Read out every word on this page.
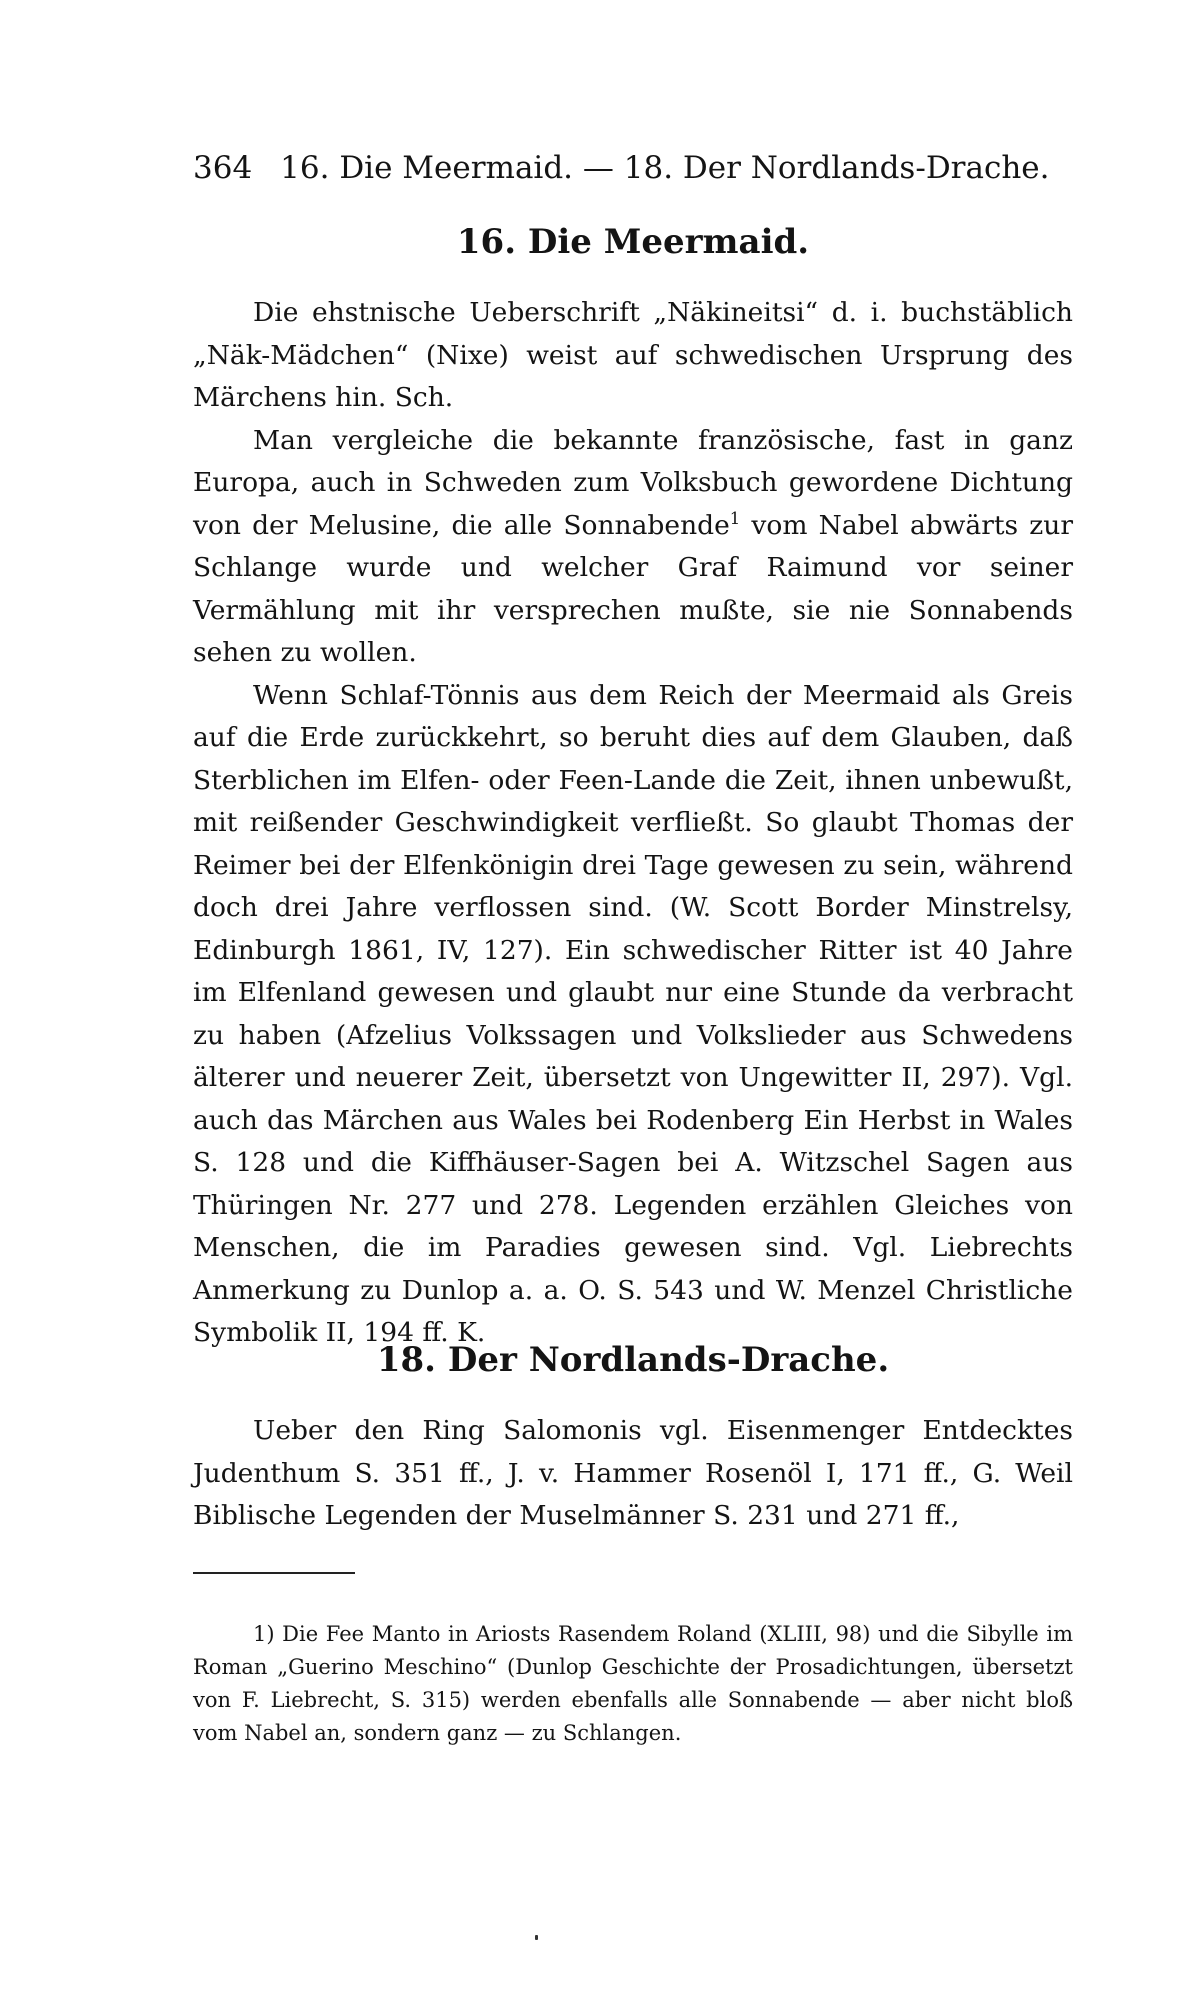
364 16. Die Meermaid. — 18. Der Nordlands-Drache.
16. Die Meermaid.

Die ehstnische Ueberschrift „Näkineitsi“ d. i. buchstäblich „Näk-Mädchen“ (Nixe) weist auf schwedischen Ursprung des Märchens hin. Sch.

Man vergleiche die bekannte französische, fast in ganz Europa, auch in Schweden zum Volksbuch gewordene Dichtung von der Melusine, die alle Sonnabende$^1$ vom Nabel abwärts zur Schlange wurde und welcher Graf Raimund vor seiner Vermählung mit ihr versprechen mußte, sie nie Sonnabends sehen zu wollen.

Wenn Schlaf-Tönnis aus dem Reich der Meermaid als Greis auf die Erde zurückkehrt, so beruht dies auf dem Glauben, daß Sterblichen im Elfen- oder Feen-Lande die Zeit, ihnen unbewußt, mit reißender Geschwindigkeit verfließt. So glaubt Thomas der Reimer bei der Elfenkönigin drei Tage gewesen zu sein, während doch drei Jahre verflossen sind. (W. Scott Border Minstrelsy, Edinburgh 1861, IV, 127). Ein schwedischer Ritter ist 40 Jahre im Elfenland gewesen und glaubt nur eine Stunde da verbracht zu haben (Afzelius Volkssagen und Volkslieder aus Schwedens älterer und neuerer Zeit, übersetzt von Ungewitter II, 297). Vgl. auch das Märchen aus Wales bei Rodenberg Ein Herbst in Wales S. 128 und die Kiffhäuser-Sagen bei A. Witzschel Sagen aus Thüringen Nr. 277 und 278. Legenden erzählen Gleiches von Menschen, die im Paradies gewesen sind. Vgl. Liebrechts Anmerkung zu Dunlop a. a. O. S. 543 und W. Menzel Christliche Symbolik II, 194 ff. K.

18. Der Nordlands-Drache.

Ueber den Ring Salomonis vgl. Eisenmenger Entdecktes Judenthum S. 351 ff., J. v. Hammer Rosenöl I, 171 ff., G. Weil Biblische Legenden der Muselmänner S. 231 und 271 ff.,

1) Die Fee Manto in Ariosts Rasendem Roland (XLIII, 98) und die Sibylle im Roman „Guerino Meschino“ (Dunlop Geschichte der Prosadichtungen, übersetzt von F. Liebrecht, S. 315) werden ebenfalls alle Sonnabende — aber nicht bloß vom Nabel an, sondern ganz — zu Schlangen.
